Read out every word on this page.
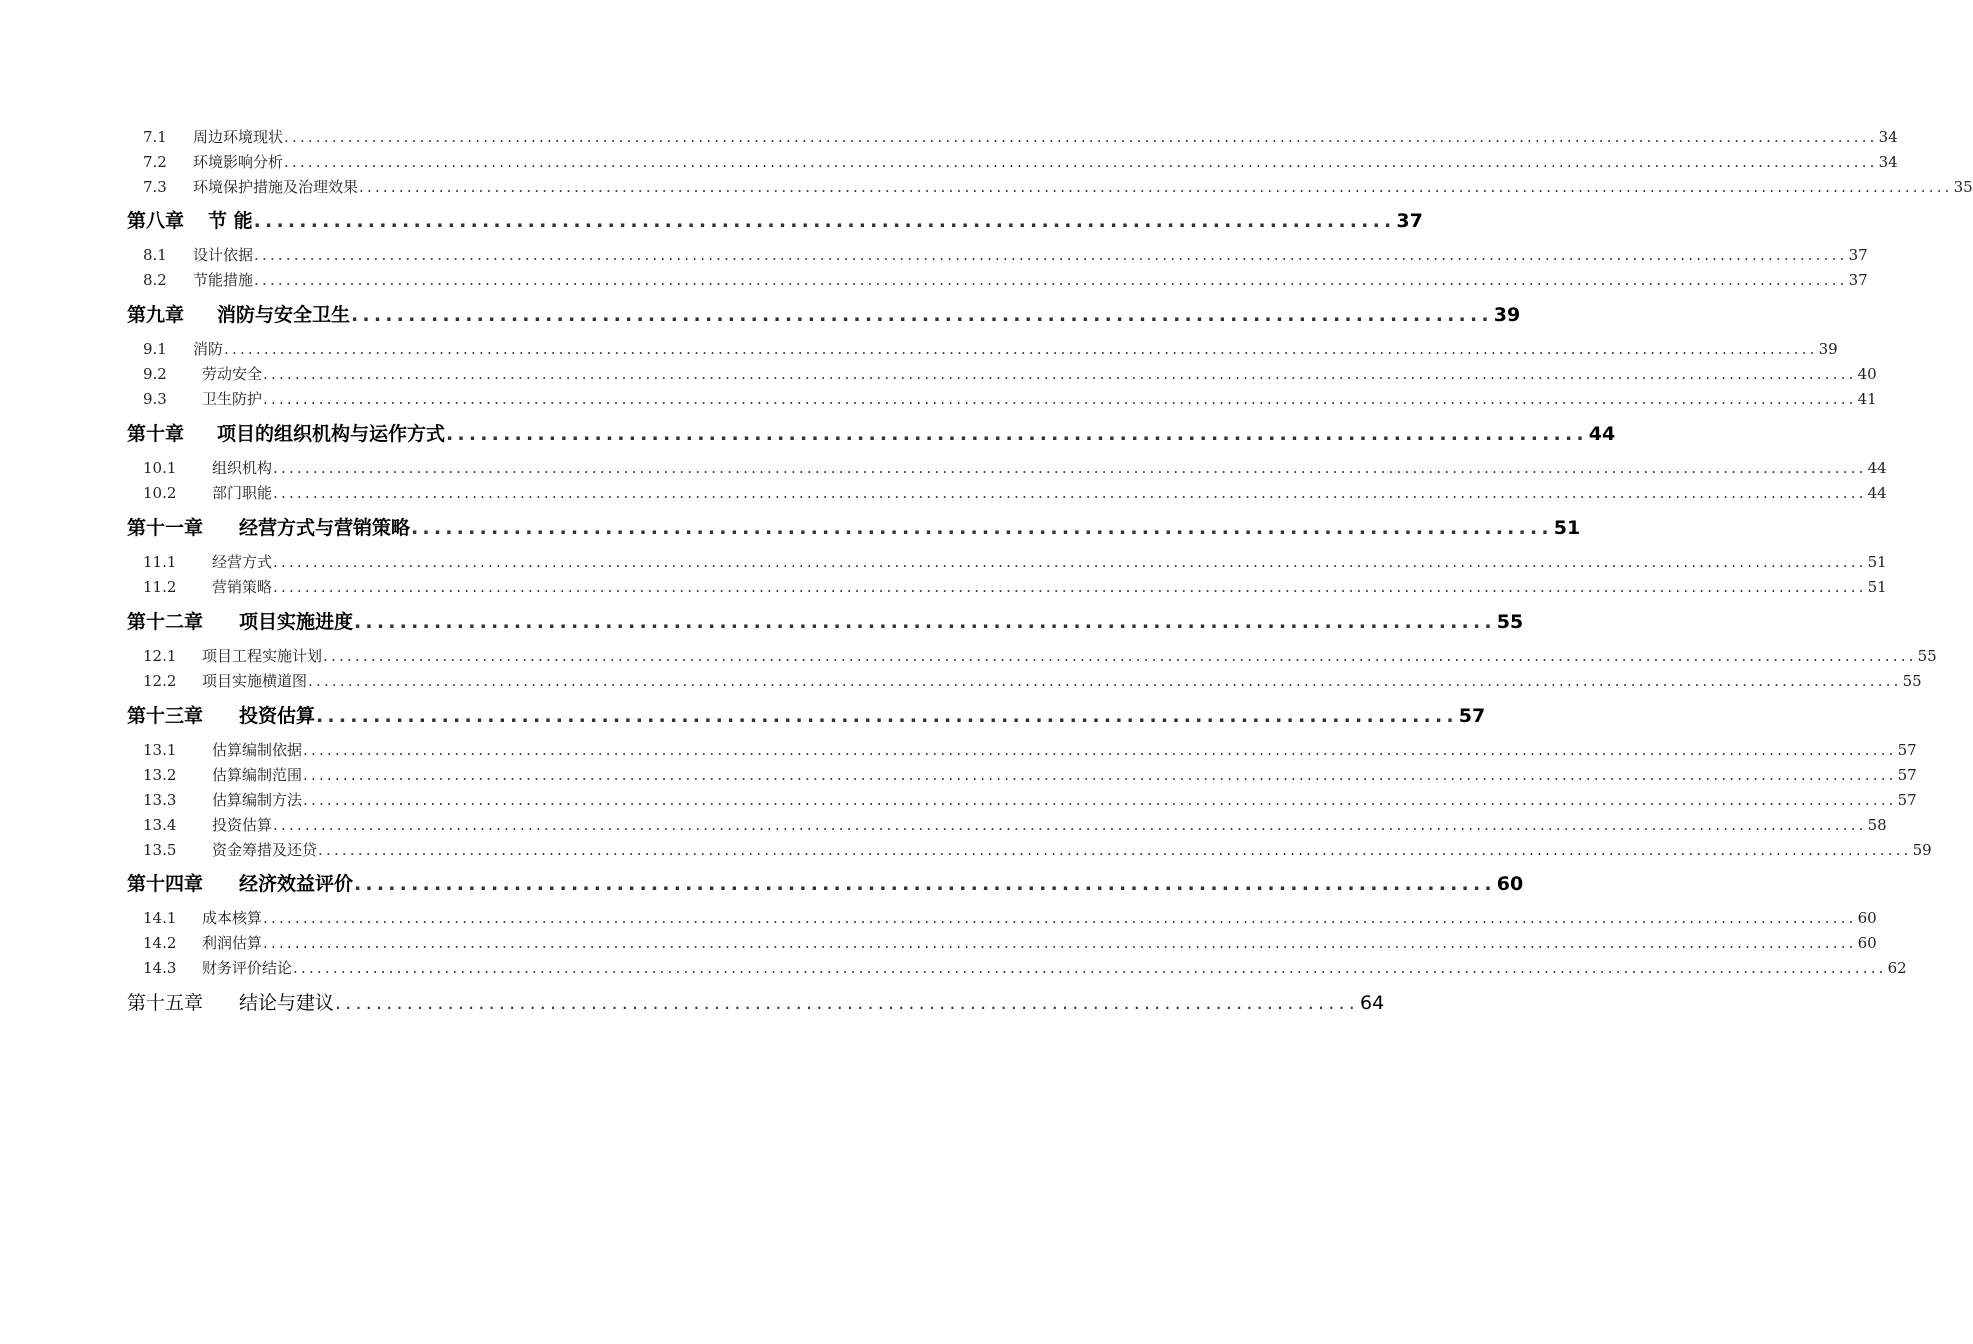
7.1	周边环境现状 ........................................................................................................................................................................................................ 34
7.2	环境影响分析 ........................................................................................................................................................................................................ 34
7.3	环境保护措施及治理效果 ........................................................................................................................................................................................................ 35
第八章	节 能 .................................................................................................... 37
8.1	设计依据 ........................................................................................................................................................................................................ 37
8.2	节能措施 ........................................................................................................................................................................................................ 37
第九章	消防与安全卫生 .................................................................................................... 39
9.1	消防 ........................................................................................................................................................................................................ 39
9.2	劳动安全 ........................................................................................................................................................................................................ 40
9.3	卫生防护 ........................................................................................................................................................................................................ 41
第十章	项目的组织机构与运作方式 .................................................................................................... 44
10.1	组织机构 ........................................................................................................................................................................................................ 44
10.2	部门职能 ........................................................................................................................................................................................................ 44
第十一章	经营方式与营销策略 .................................................................................................... 51
11.1	经营方式 ........................................................................................................................................................................................................ 51
11.2	营销策略 ........................................................................................................................................................................................................ 51
第十二章	项目实施进度 .................................................................................................... 55
12.1	项目工程实施计划 ........................................................................................................................................................................................................ 55
12.2	项目实施横道图 ........................................................................................................................................................................................................ 55
第十三章	投资估算 .................................................................................................... 57
13.1	估算编制依据 ........................................................................................................................................................................................................ 57
13.2	估算编制范围 ........................................................................................................................................................................................................ 57
13.3	估算编制方法 ........................................................................................................................................................................................................ 57
13.4	投资估算 ........................................................................................................................................................................................................ 58
13.5	资金筹措及还贷 ........................................................................................................................................................................................................ 59
第十四章	经济效益评价 .................................................................................................... 60
14.1	成本核算 ........................................................................................................................................................................................................ 60
14.2	利润估算 ........................................................................................................................................................................................................ 60
14.3	财务评价结论 ........................................................................................................................................................................................................ 62
第十五章	结论与建议 .................................................................................................... 64
